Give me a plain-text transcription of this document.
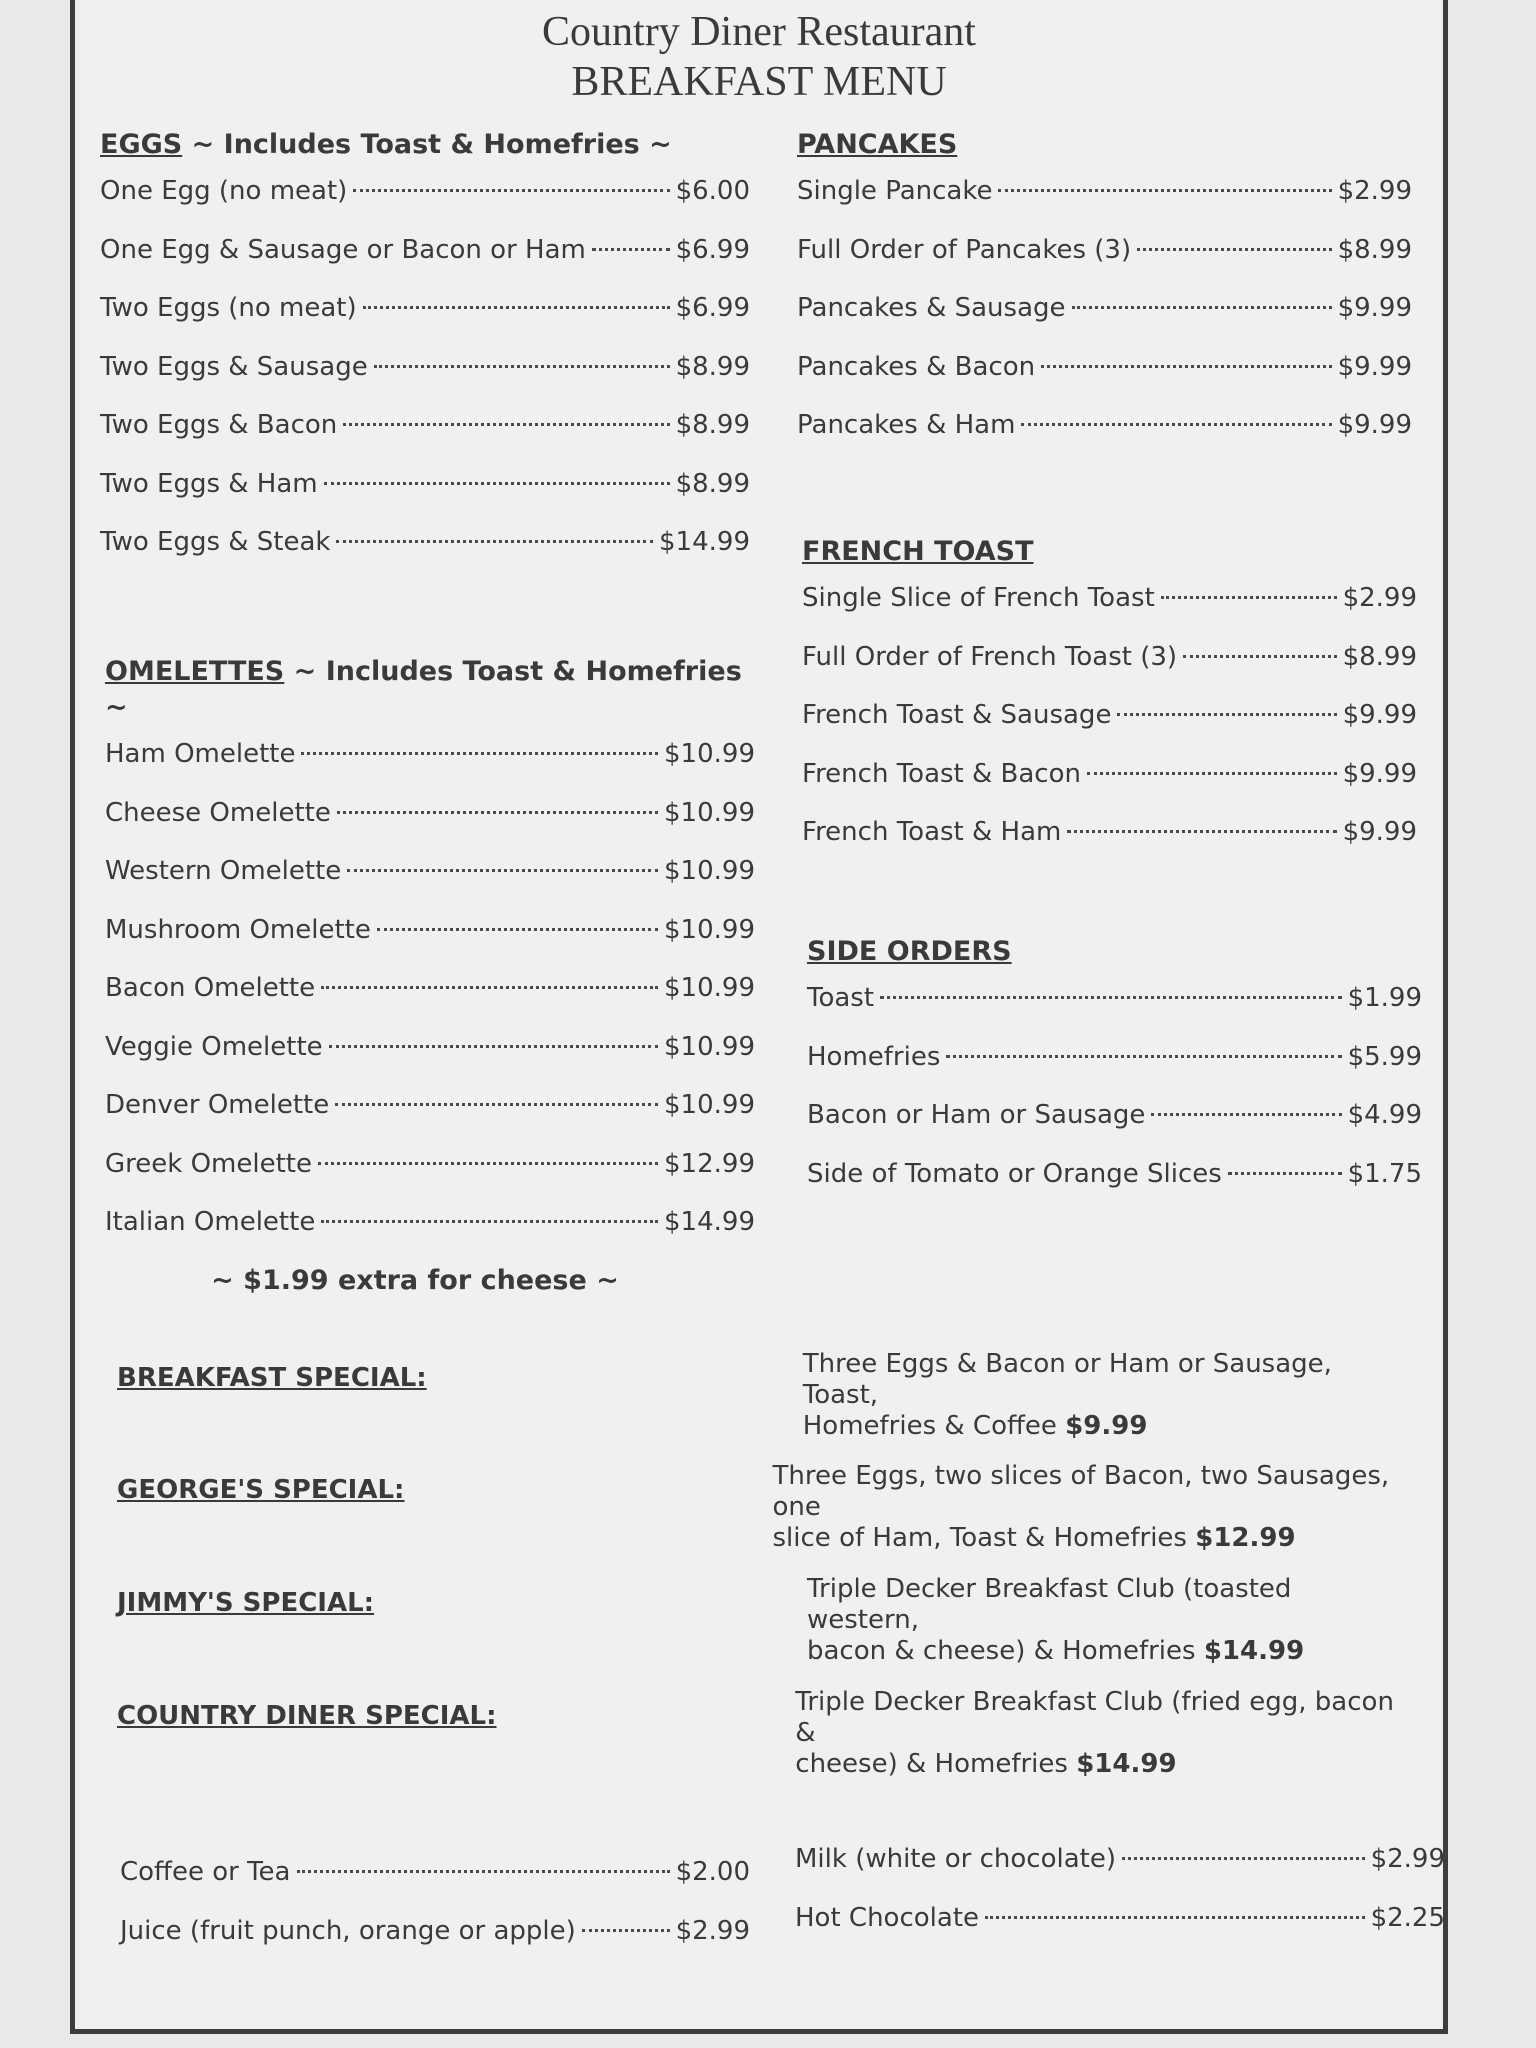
Country Diner Restaurant
BREAKFAST MENU
EGGS ~ Includes Toast & Homefries ~
One Egg (no meat)	$6.00
One Egg & Sausage or Bacon or Ham	$6.99
Two Eggs (no meat)	$6.99
Two Eggs & Sausage	$8.99
Two Eggs & Bacon	$8.99
Two Eggs & Ham	$8.99
Two Eggs & Steak	$14.99
OMELETTES ~ Includes Toast & Homefries ~
Ham Omelette	$10.99
Cheese Omelette	$10.99
Western Omelette	$10.99
Mushroom Omelette	$10.99
Bacon Omelette	$10.99
Veggie Omelette	$10.99
Denver Omelette	$10.99
Greek Omelette	$12.99
Italian Omelette	$14.99
~ $1.99 extra for cheese ~
PANCAKES
Single Pancake	$2.99
Full Order of Pancakes (3)	$8.99
Pancakes & Sausage	$9.99
Pancakes & Bacon	$9.99
Pancakes & Ham	$9.99
FRENCH TOAST
Single Slice of French Toast	$2.99
Full Order of French Toast (3)	$8.99
French Toast & Sausage	$9.99
French Toast & Bacon	$9.99
French Toast & Ham	$9.99
SIDE ORDERS
Toast	$1.99
Homefries	$5.99
Bacon or Ham or Sausage	$4.99
Side of Tomato or Orange Slices	$1.75
BREAKFAST SPECIAL:	Three Eggs & Bacon or Ham or Sausage, Toast,
Homefries & Coffee $9.99
GEORGE'S SPECIAL:	Three Eggs, two slices of Bacon, two Sausages, one
slice of Ham, Toast & Homefries $12.99
JIMMY'S SPECIAL:	Triple Decker Breakfast Club (toasted western,
bacon & cheese) & Homefries $14.99
COUNTRY DINER SPECIAL:	Triple Decker Breakfast Club (fried egg, bacon &
cheese) & Homefries $14.99
Coffee or Tea	$2.00
Juice (fruit punch, orange or apple)	$2.99
Milk (white or chocolate)	$2.99
Hot Chocolate	$2.25
